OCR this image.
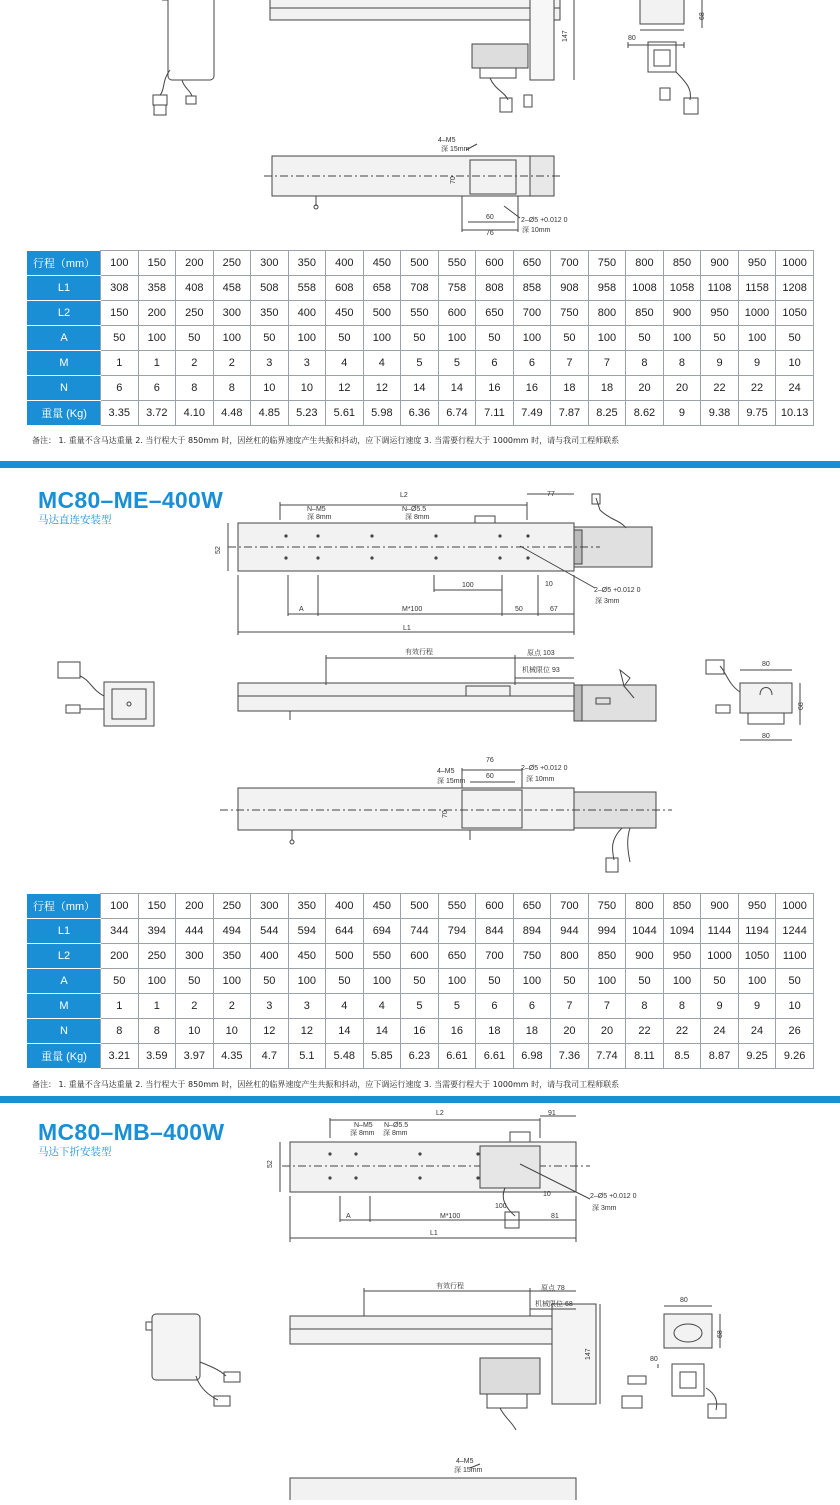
147
68
80
4–M5
深 15mm
70
60
76
2–Ø5 +0.012 0
深 10mm
行程（mm）	100	150	200	250	300	350	400	450	500	550	600	650	700	750	800	850	900	950	1000
L1	308	358	408	458	508	558	608	658	708	758	808	858	908	958	1008	1058	1108	1158	1208
L2	150	200	250	300	350	400	450	500	550	600	650	700	750	800	850	900	950	1000	1050
A	50	100	50	100	50	100	50	100	50	100	50	100	50	100	50	100	50	100	50
M	1	1	2	2	3	3	4	4	5	5	6	6	7	7	8	8	9	9	10
N	6	6	8	8	10	10	12	12	14	14	16	16	18	18	20	20	22	22	24
重量 (Kg)	3.35	3.72	4.10	4.48	4.85	5.23	5.61	5.98	6.36	6.74	7.11	7.49	7.87	8.25	8.62	9	9.38	9.75	10.13
备注： 1. 重量不含马达重量 2. 当行程大于 850mm 时，因丝杠的临界速度产生共振和抖动，应下调运行速度 3. 当需要行程大于 1000mm 时，请与我司工程师联系
MC80–ME–400W
马达直连安装型
L2	77
N–M5
深 8mm
N–Ø5.5
深 8mm
52
100	10
2–Ø5 +0.012 0
深 3mm
A	M*100	50	67
L1
有效行程	原点 103
机械限位 93
80
68
80
76
4–M5
深 15mm
60
2–Ø5 +0.012 0
深 10mm
70
行程（mm）	100	150	200	250	300	350	400	450	500	550	600	650	700	750	800	850	900	950	1000
L1	344	394	444	494	544	594	644	694	744	794	844	894	944	994	1044	1094	1144	1194	1244
L2	200	250	300	350	400	450	500	550	600	650	700	750	800	850	900	950	1000	1050	1100
A	50	100	50	100	50	100	50	100	50	100	50	100	50	100	50	100	50	100	50
M	1	1	2	2	3	3	4	4	5	5	6	6	7	7	8	8	9	9	10
N	8	8	10	10	12	12	14	14	16	16	18	18	20	20	22	22	24	24	26
重量 (Kg)	3.21	3.59	3.97	4.35	4.7	5.1	5.48	5.85	6.23	6.61	6.61	6.98	7.36	7.74	8.11	8.5	8.87	9.25	9.26
备注： 1. 重量不含马达重量 2. 当行程大于 850mm 时，因丝杠的临界速度产生共振和抖动，应下调运行速度 3. 当需要行程大于 1000mm 时，请与我司工程师联系
MC80–MB–400W
马达下折安装型
L2	91
N–M5
深 8mm
N–Ø5.5
深 8mm
52
10	2–Ø5 +0.012 0
深 3mm
100
A	M*100	81
L1
有效行程	原点 78
机械限位 68
147
80
68
80
4–M5
深 15mm
